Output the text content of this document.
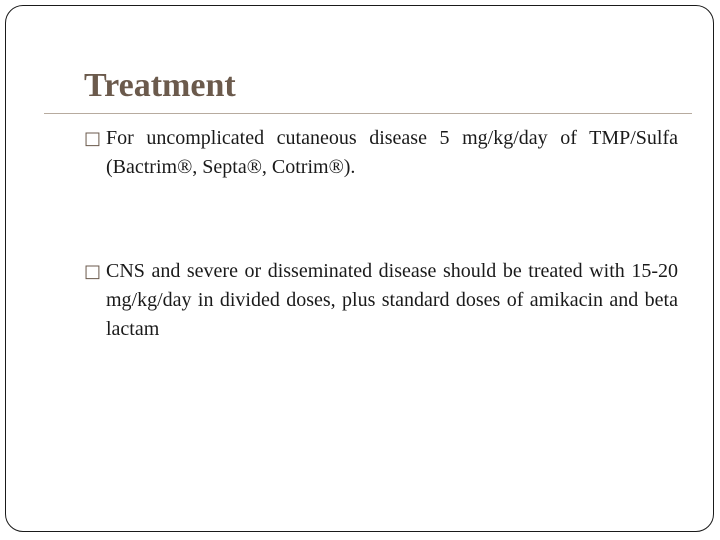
Treatment
□ For uncomplicated cutaneous disease 5 mg/kg/day of TMP/Sulfa (Bactrim®, Septa®, Cotrim®).
□ CNS and severe or disseminated disease should be treated with 15-20 mg/kg/day in divided doses, plus standard doses of amikacin and beta lactam
